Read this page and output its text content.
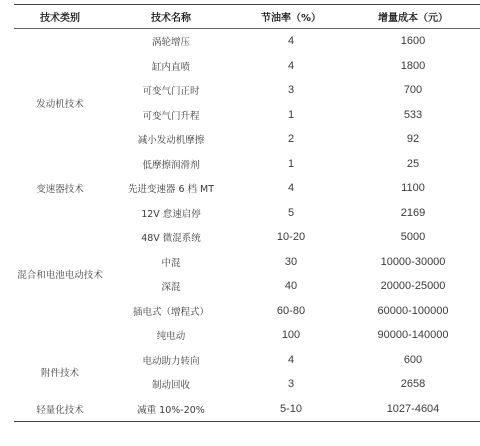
技术类别	技术名称	节油率（%）	增量成本（元）
发动机技术	涡轮增压	4	1600
	缸内直喷	4	1800
	可变气门正时	3	700
	可变气门升程	1	533
	减小发动机摩擦	2	92
	低摩擦润滑剂	1	25
变速器技术	先进变速器 6 档 MT	4	1100
混合和电池电动技术	12V 怠速启停	5	2169
	48V 微混系统	10-20	5000
	中混	30	10000-30000
	深混	40	20000-25000
	插电式（增程式）	60-80	60000-100000
	纯电动	100	90000-140000
附件技术	电动助力转向	4	600
	制动回收	3	2658
轻量化技术	减重 10%-20%	5-10	1027-4604
